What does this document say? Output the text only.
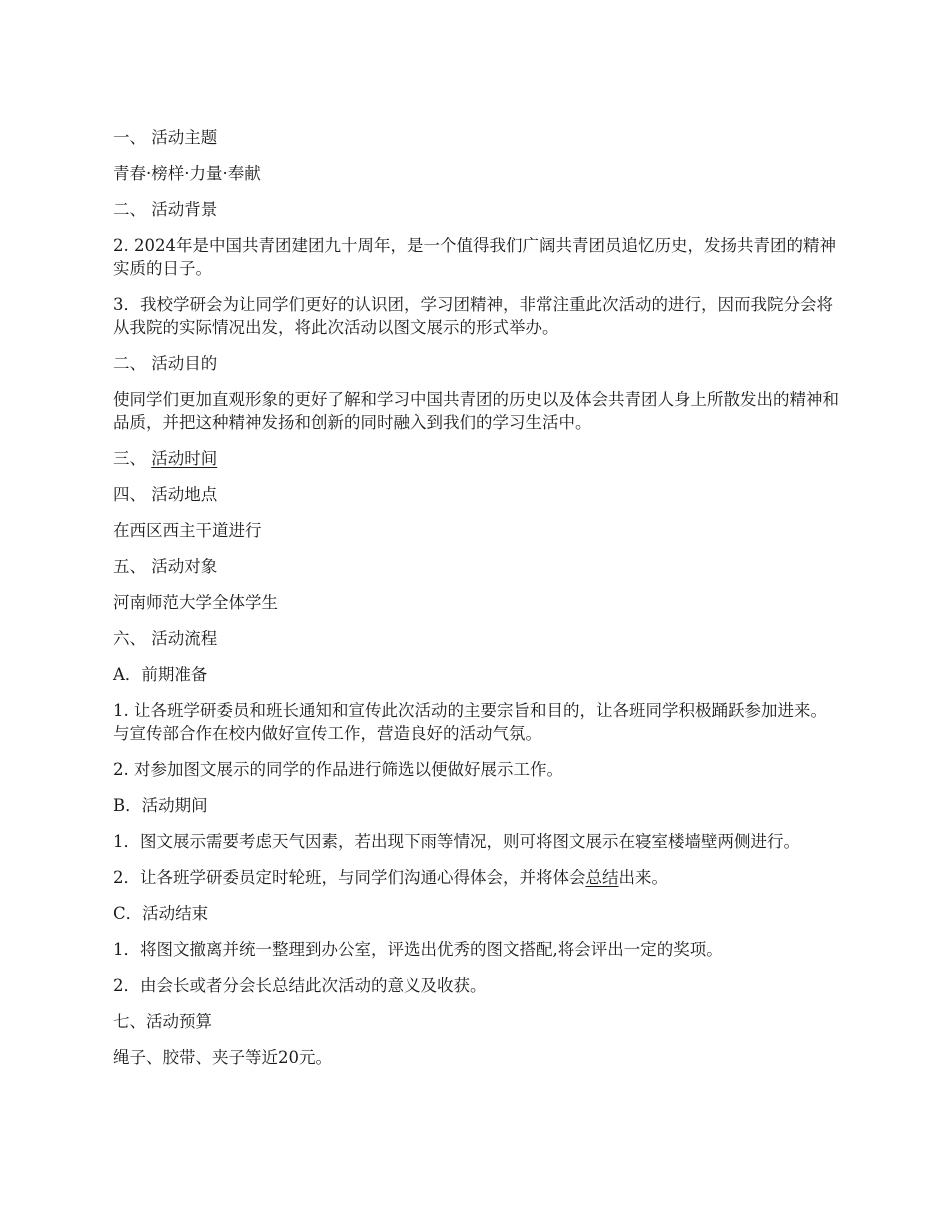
一、 活动主题

青春·榜样·力量·奉献

二、 活动背景

2. 2024年是中国共青团建团九十周年，是一个值得我们广阔共青团员追忆历史，发扬共青团的精神实质的日子。

3．我校学研会为让同学们更好的认识团，学习团精神，非常注重此次活动的进行，因而我院分会将从我院的实际情况出发，将此次活动以图文展示的形式举办。

二、 活动目的

使同学们更加直观形象的更好了解和学习中国共青团的历史以及体会共青团人身上所散发出的精神和品质，并把这种精神发扬和创新的同时融入到我们的学习生活中。

三、 活动时间

四、 活动地点

在西区西主干道进行

五、 活动对象

河南师范大学全体学生

六、 活动流程

A．前期准备

1. 让各班学研委员和班长通知和宣传此次活动的主要宗旨和目的，让各班同学积极踊跃参加进来。与宣传部合作在校内做好宣传工作，营造良好的活动气氛。

2. 对参加图文展示的同学的作品进行筛选以便做好展示工作。

B．活动期间

1．图文展示需要考虑天气因素，若出现下雨等情况，则可将图文展示在寝室楼墙壁两侧进行。

2．让各班学研委员定时轮班，与同学们沟通心得体会，并将体会总结出来。

C．活动结束

1．将图文撤离并统一整理到办公室，评选出优秀的图文搭配,将会评出一定的奖项。

2．由会长或者分会长总结此次活动的意义及收获。

七、活动预算

绳子、胶带、夹子等近20元。
